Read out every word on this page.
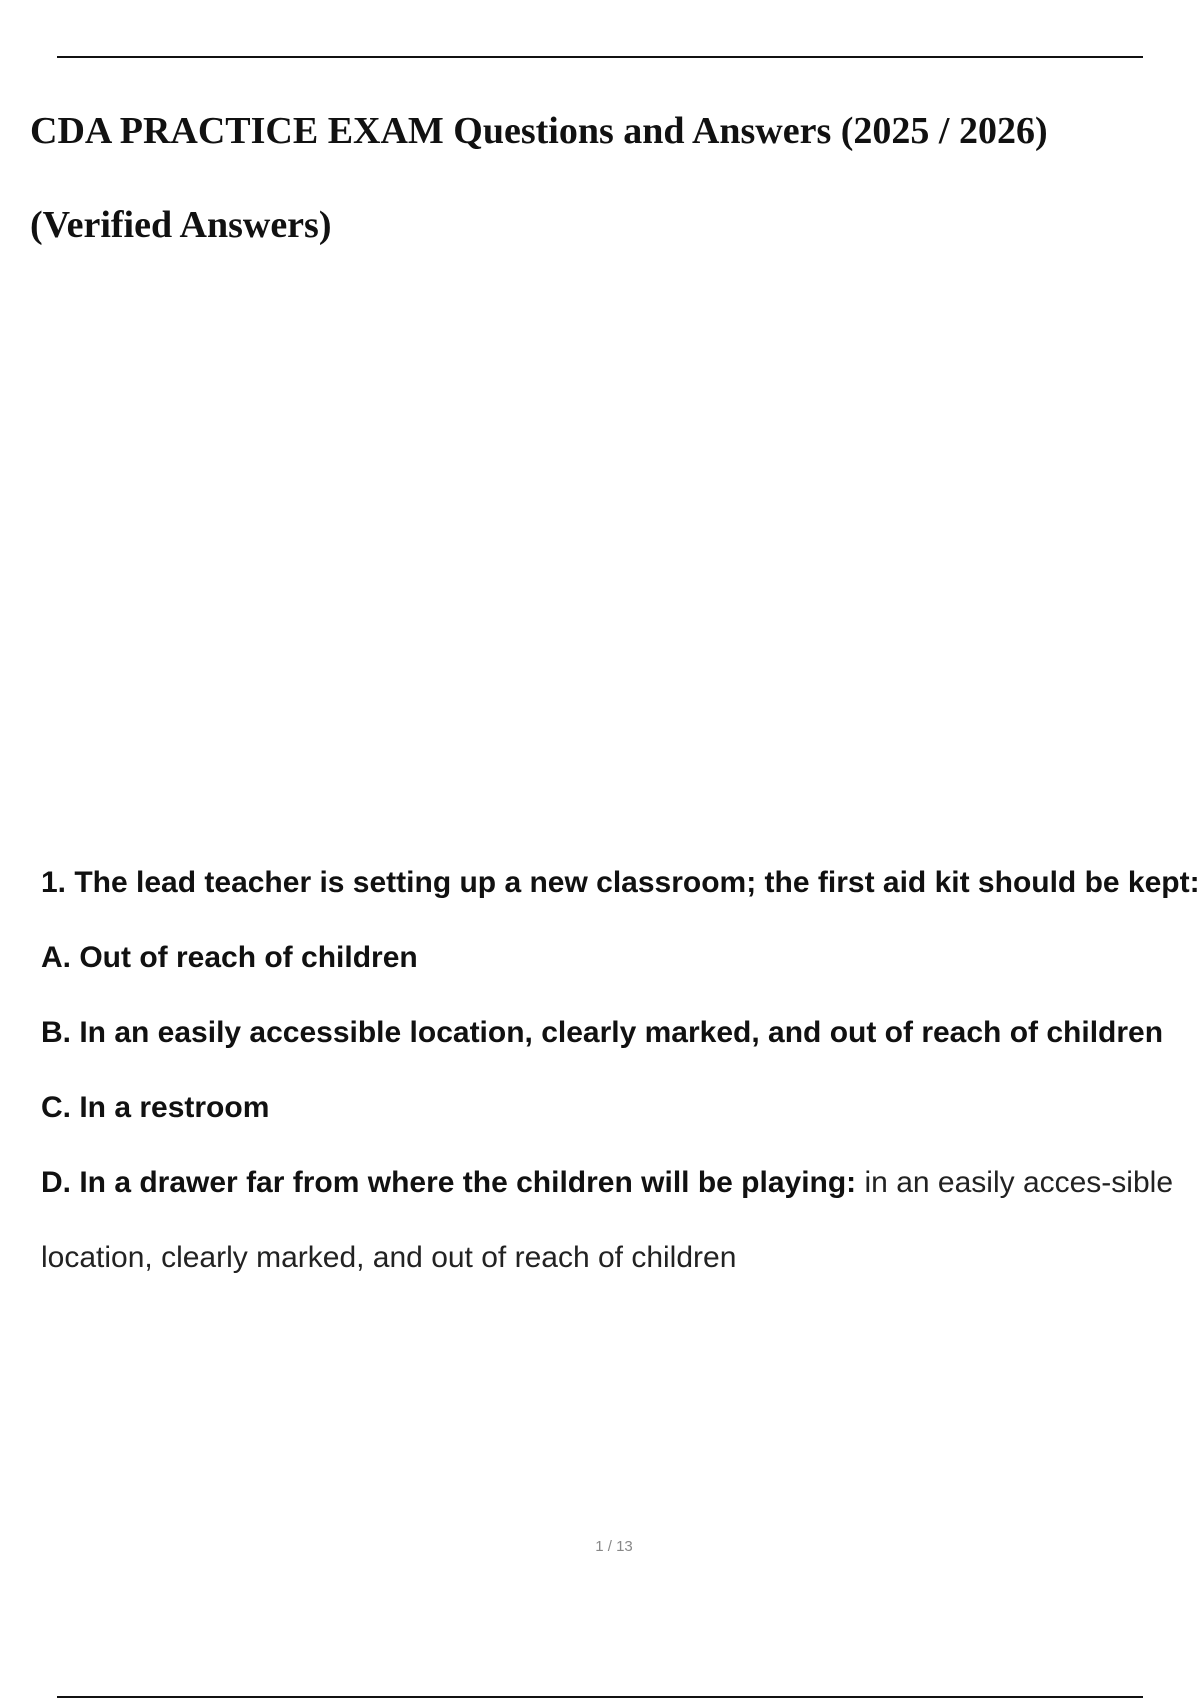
CDA PRACTICE EXAM Questions and Answers (2025 / 2026)
(Verified Answers)

1. The lead teacher is setting up a new classroom; the first aid kit should be kept:

A. Out of reach of children

B. In an easily accessible location, clearly marked, and out of reach of children

C. In a restroom

D. In a drawer far from where the children will be playing: in an easily acces-sible location, clearly marked, and out of reach of children

1 / 13
